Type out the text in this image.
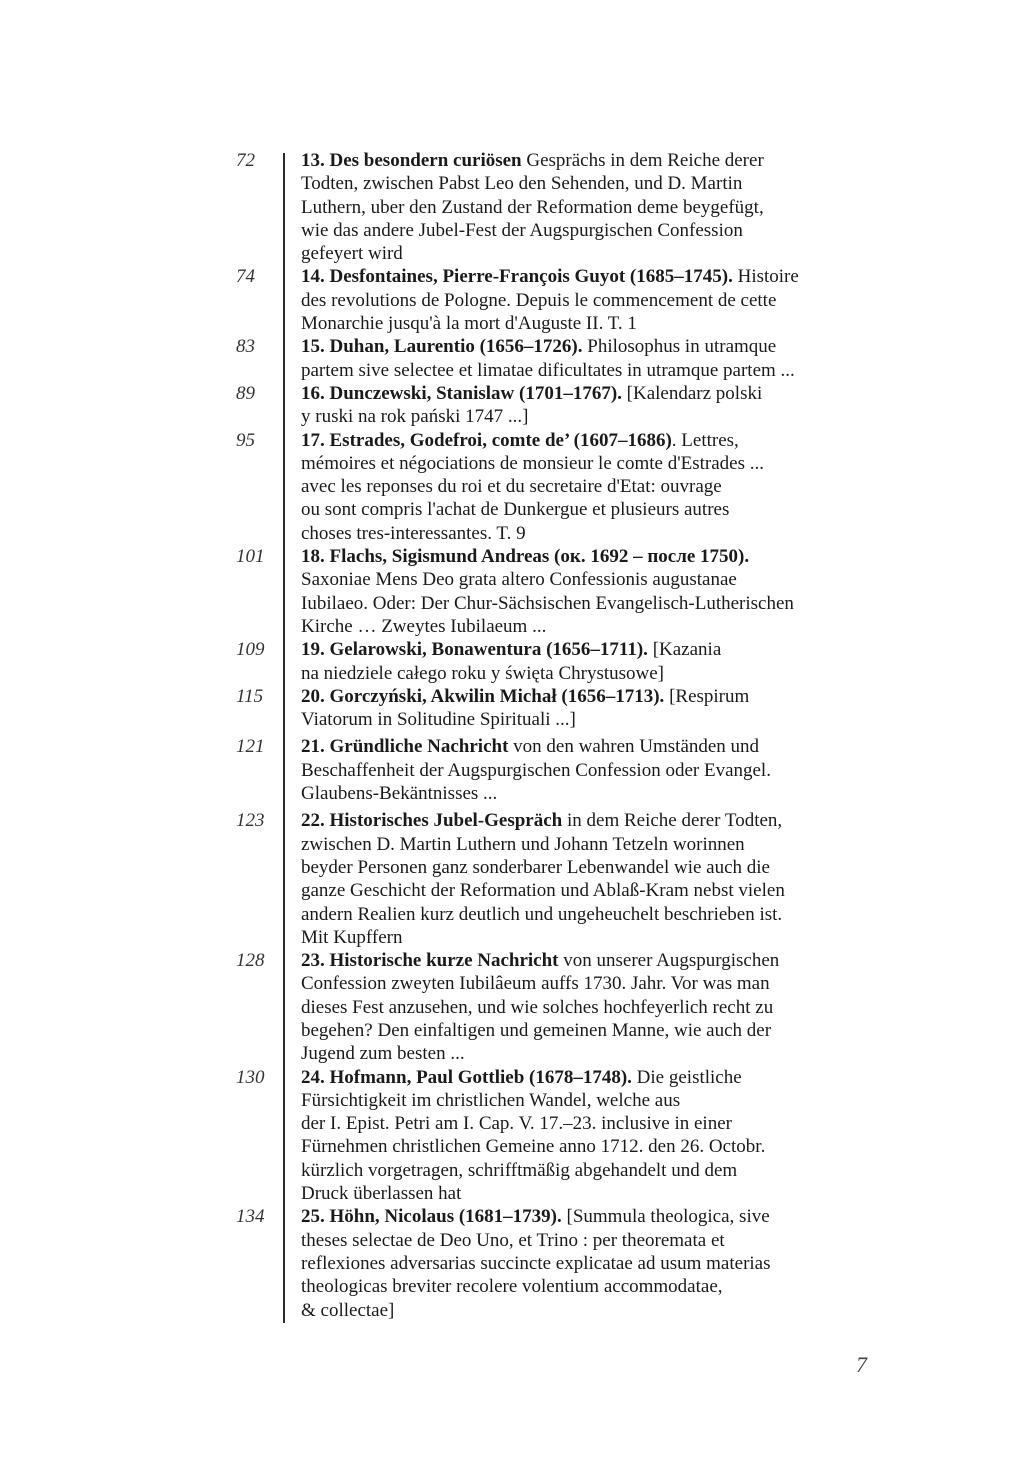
72	13. Des besondern curiösen Gesprächs in dem Reiche derer
Todten, zwischen Pabst Leo den Sehenden, und D. Martin
Luthern, uber den Zustand der Reformation deme beygefügt,
wie das andere Jubel-Fest der Augspurgischen Confession
gefeyert wird
74	14. Desfontaines, Pierre-François Guyot (1685–1745). Histoire
des revolutions de Pologne. Depuis le commencement de cette
Monarchie jusqu'à la mort d'Auguste II. T. 1
83	15. Duhan, Laurentio (1656–1726). Philosophus in utramque
partem sive selectee et limatae dificultates in utramque partem ...
89	16. Dunczewski, Stanislaw (1701–1767). [Kalendarz polski
y ruski na rok pański 1747 ...]
95	17. Estrades, Godefroi, comte de’ (1607–1686). Lettres,
mémoires et négociations de monsieur le comte d'Estrades ...
avec les reponses du roi et du secretaire d'Etat: ouvrage
ou sont compris l'achat de Dunkergue et plusieurs autres
choses tres-interessantes. T. 9
101	18. Flachs, Sigismund Andreas (ок. 1692 – после 1750).
Saxoniae Mens Deo grata altero Confessionis augustanae
Iubilaeo. Oder: Der Chur-Sächsischen Evangelisch-Lutherischen
Kirche … Zweytes Iubilaeum ...
109	19. Gelarowski, Bonawentura (1656–1711). [Kazania
na niedziele całego roku y święta Chrystusowe]
115	20. Gorczyński, Akwilin Michał (1656–1713). [Respirum
Viatorum in Solitudine Spirituali ...]
121	21. Gründliche Nachricht von den wahren Umständen und
Beschaffenheit der Augspurgischen Confession oder Evangel.
Glaubens-Bekäntnisses ...
123	22. Historisches Jubel-Gespräch in dem Reiche derer Todten,
zwischen D. Martin Luthern und Johann Tetzeln worinnen
beyder Personen ganz sonderbarer Lebenwandel wie auch die
ganze Geschicht der Reformation und Ablaß-Kram nebst vielen
andern Realien kurz deutlich und ungeheuchelt beschrieben ist.
Mit Kupffern
128	23. Historische kurze Nachricht von unserer Augspurgischen
Confession zweyten Iubilâeum auffs 1730. Jahr. Vor was man
dieses Fest anzusehen, und wie solches hochfeyerlich recht zu
begehen? Den einfaltigen und gemeinen Manne, wie auch der
Jugend zum besten ...
130	24. Hofmann, Paul Gottlieb (1678–1748). Die geistliche
Fürsichtigkeit im christlichen Wandel, welche aus
der I. Epist. Petri am I. Cap. V. 17.–23. inclusive in einer
Fürnehmen christlichen Gemeine anno 1712. den 26. Octobr.
kürzlich vorgetragen, schrifftmäßig abgehandelt und dem
Druck überlassen hat
134	25. Höhn, Nicolaus (1681–1739). [Summula theologica, sive
theses selectae de Deo Uno, et Trino : per theoremata et
reflexiones adversarias succincte explicatae ad usum materias
theologicas breviter recolere volentium accommodatae,
& collectae]
7
